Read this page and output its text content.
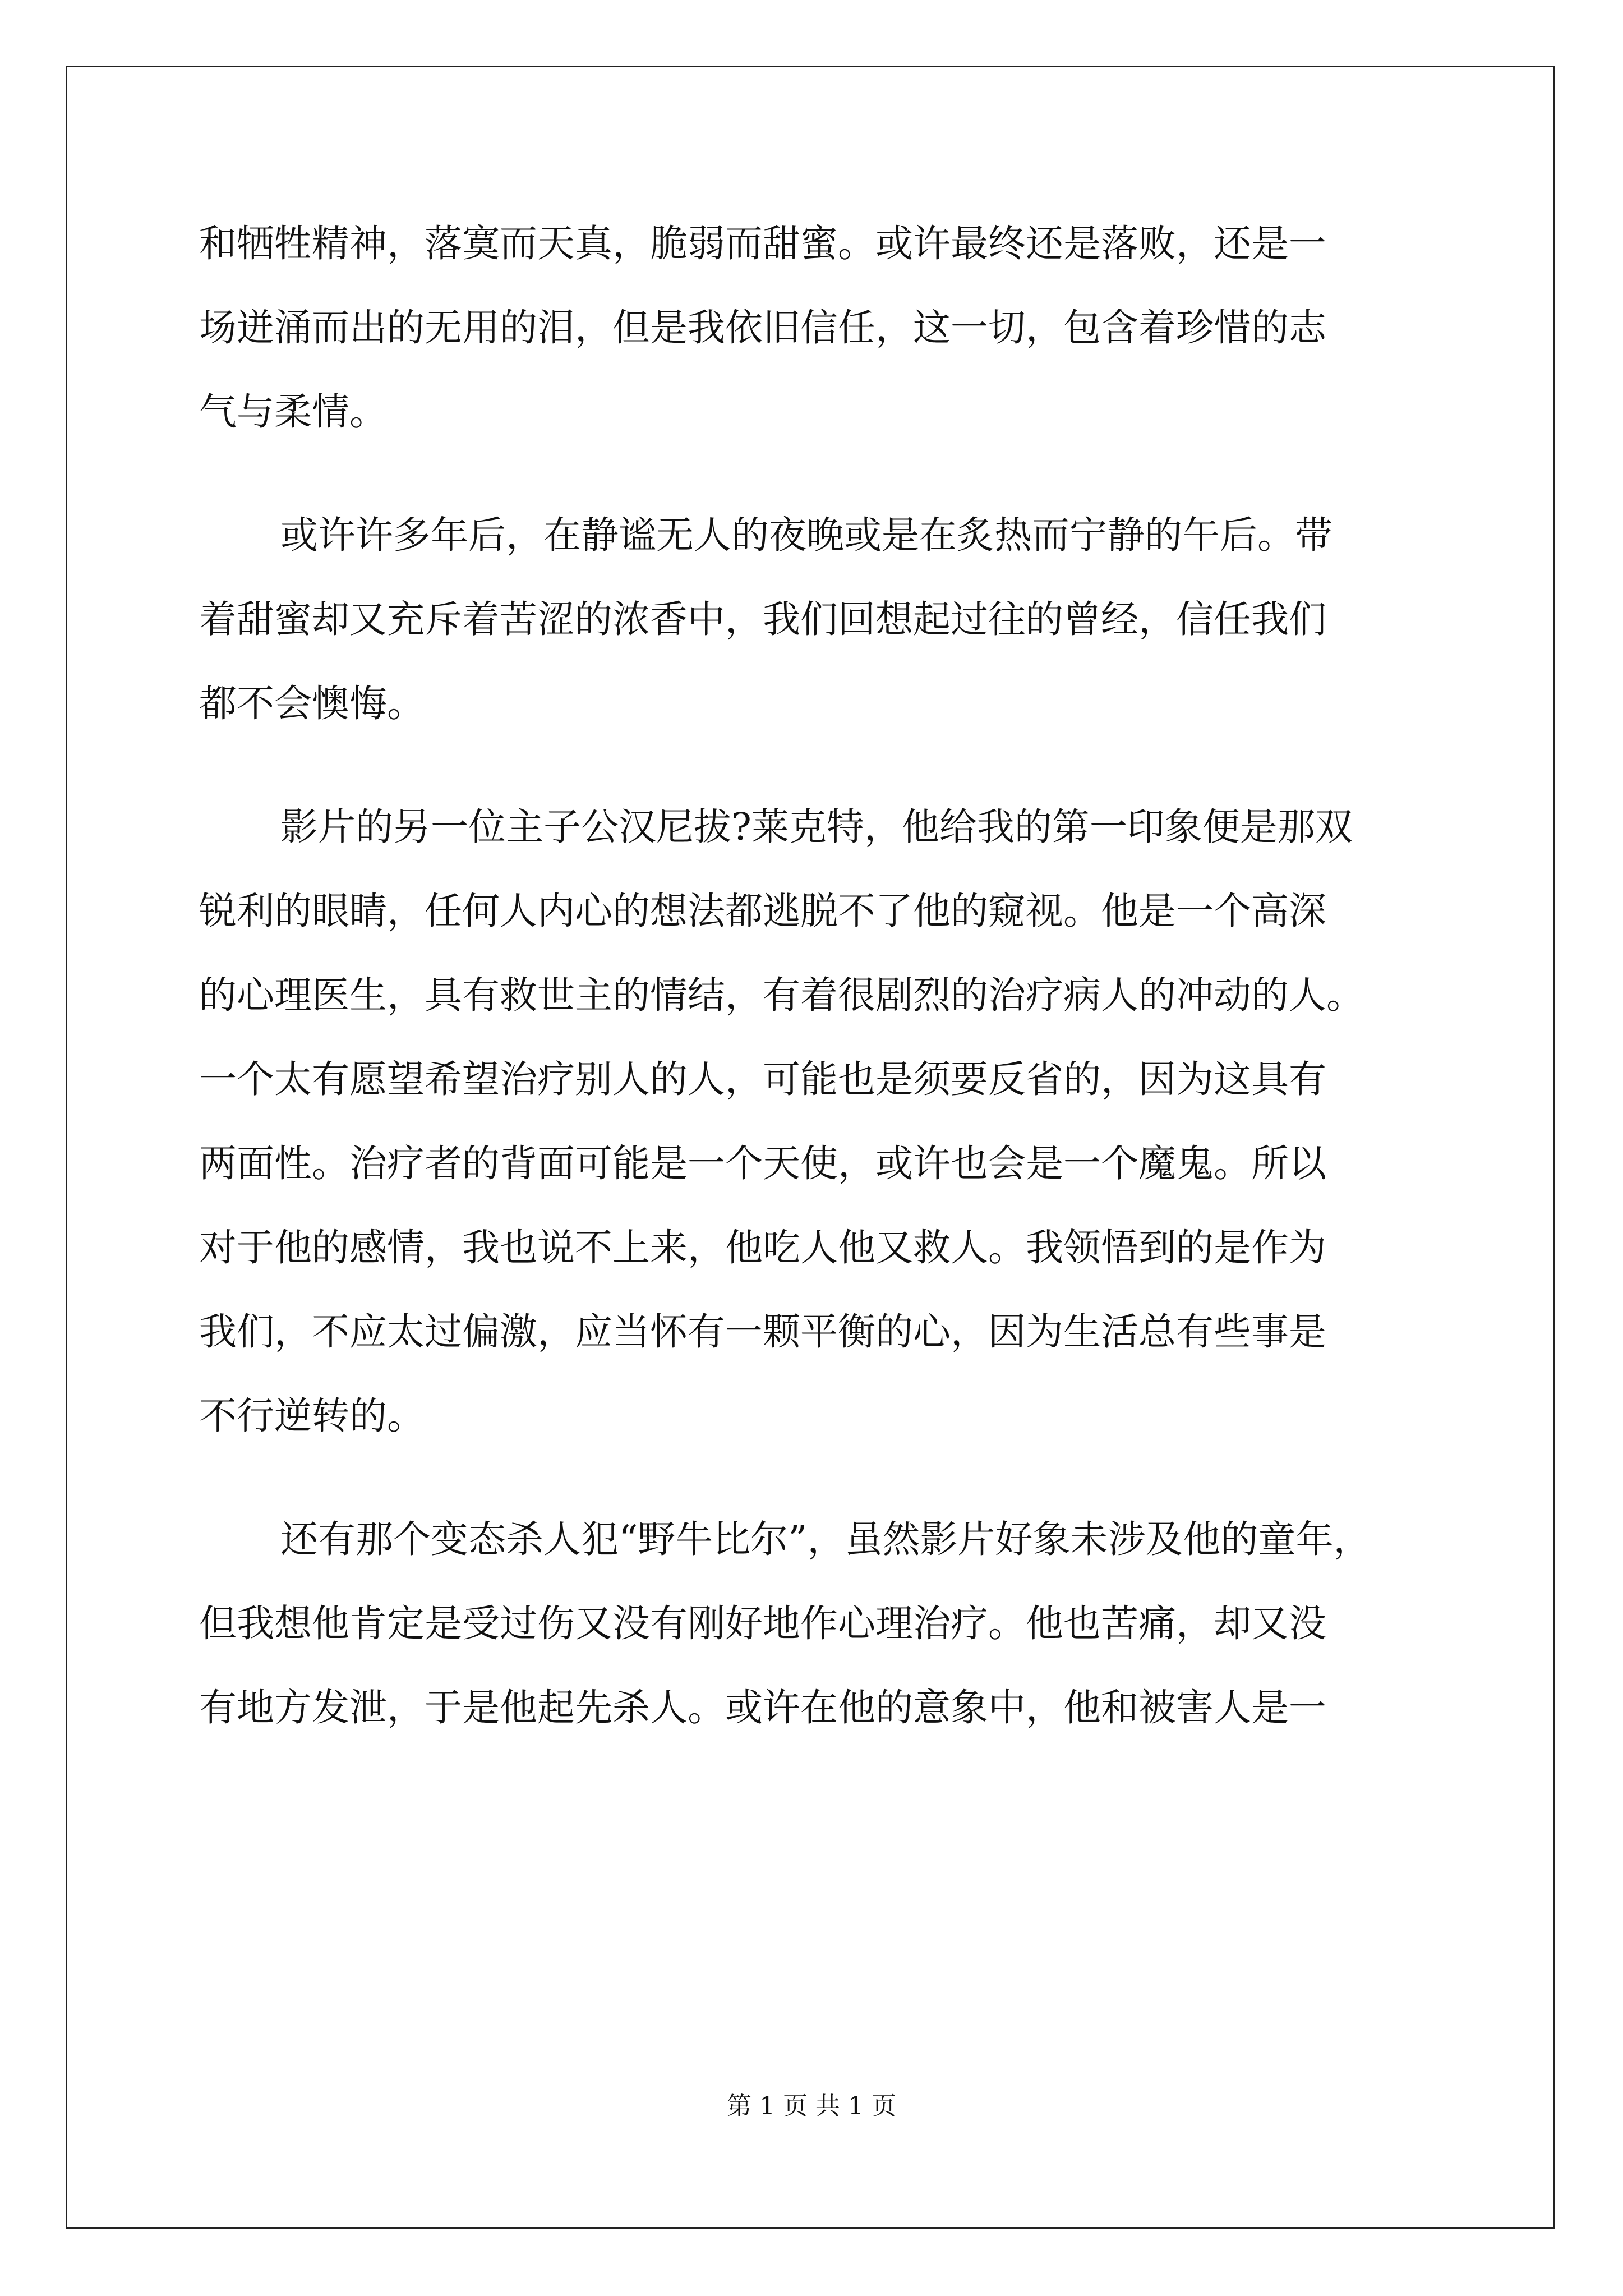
和牺牲精神，落寞而天真，脆弱而甜蜜。或许最终还是落败，还是一
场迸涌而出的无用的泪，但是我依旧信任，这一切，包含着珍惜的志
气与柔情。
或许许多年后，在静谧无人的夜晚或是在炙热而宁静的午后。带
着甜蜜却又充斥着苦涩的浓香中，我们回想起过往的曾经，信任我们
都不会懊悔。
影片的另一位主子公汉尼拔?莱克特，他给我的第一印象便是那双
锐利的眼睛，任何人内心的想法都逃脱不了他的窥视。他是一个高深
的心理医生，具有救世主的情结，有着很剧烈的治疗病人的冲动的人。
一个太有愿望希望治疗别人的人，可能也是须要反省的，因为这具有
两面性。治疗者的背面可能是一个天使，或许也会是一个魔鬼。所以
对于他的感情，我也说不上来，他吃人他又救人。我领悟到的是作为
我们，不应太过偏激，应当怀有一颗平衡的心，因为生活总有些事是
不行逆转的。
还有那个变态杀人犯“野牛比尔”，虽然影片好象未涉及他的童年，
但我想他肯定是受过伤又没有刚好地作心理治疗。他也苦痛，却又没
有地方发泄，于是他起先杀人。或许在他的意象中，他和被害人是一
第 1 页 共 1 页
